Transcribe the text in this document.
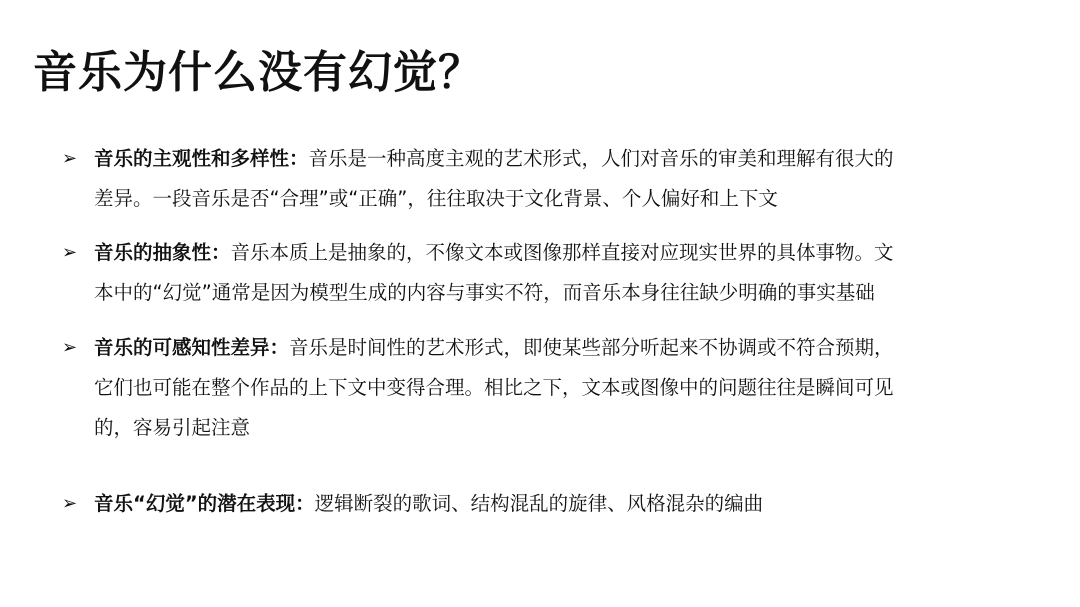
音乐为什么没有幻觉？
➢ 音乐的主观性和多样性：音乐是一种高度主观的艺术形式，人们对音乐的审美和理解有很大的
差异。一段音乐是否“合理”或“正确”，往往取决于文化背景、个人偏好和上下文
➢ 音乐的抽象性：音乐本质上是抽象的，不像文本或图像那样直接对应现实世界的具体事物。文
本中的“幻觉”通常是因为模型生成的内容与事实不符，而音乐本身往往缺少明确的事实基础
➢ 音乐的可感知性差异：音乐是时间性的艺术形式，即使某些部分听起来不协调或不符合预期，
它们也可能在整个作品的上下文中变得合理。相比之下，文本或图像中的问题往往是瞬间可见
的，容易引起注意
➢ 音乐“幻觉”的潜在表现：逻辑断裂的歌词、结构混乱的旋律、风格混杂的编曲
